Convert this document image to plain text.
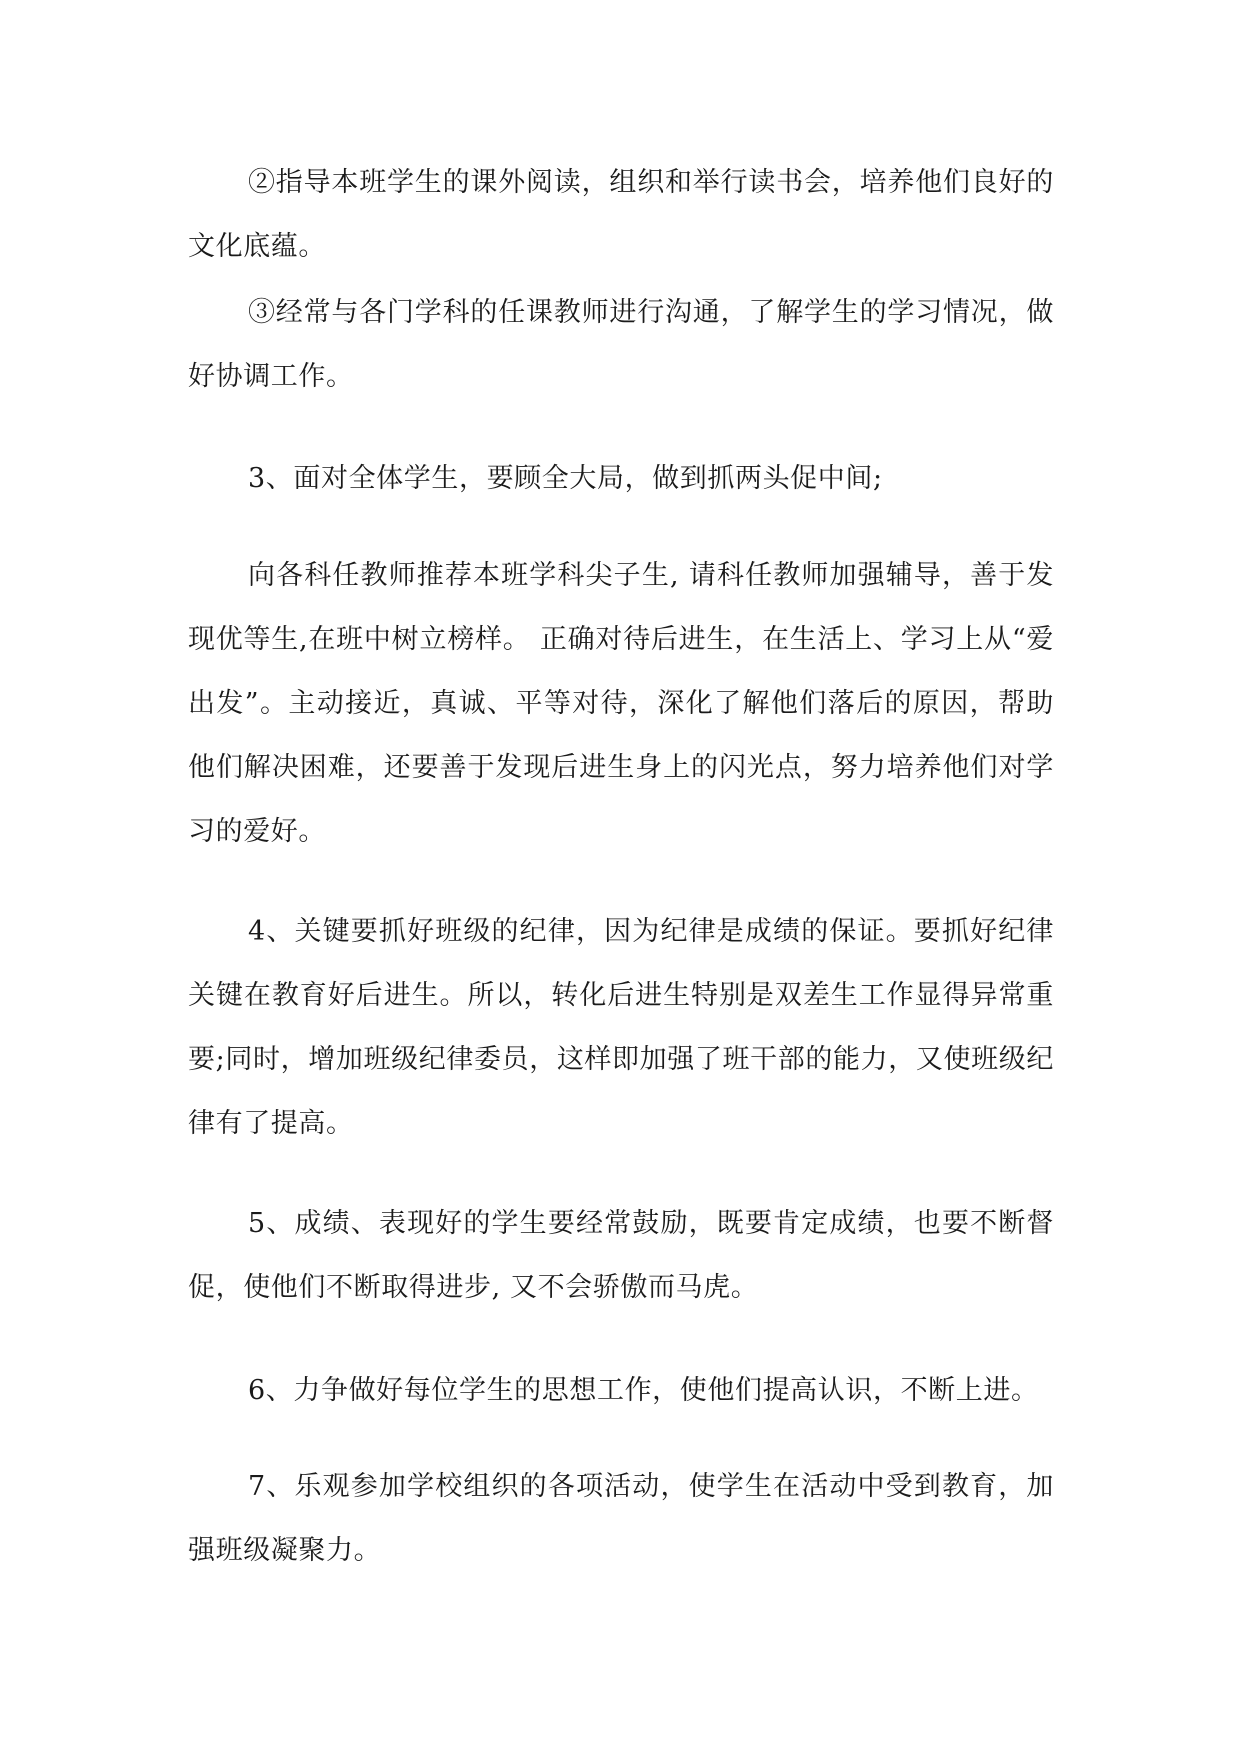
②指导本班学生的课外阅读，组织和举行读书会，培养他们良好的文化底蕴。

③经常与各门学科的任课教师进行沟通，了解学生的学习情况，做好协调工作。

3、面对全体学生，要顾全大局，做到抓两头促中间;

向各科任教师推荐本班学科尖子生, 请科任教师加强辅导，善于发现优等生,在班中树立榜样。 正确对待后进生，在生活上、学习上从“爱出发”。主动接近，真诚、平等对待，深化了解他们落后的原因，帮助他们解决困难，还要善于发现后进生身上的闪光点，努力培养他们对学习的爱好。

4、关键要抓好班级的纪律，因为纪律是成绩的保证。要抓好纪律关键在教育好后进生。所以，转化后进生特别是双差生工作显得异常重要;同时，增加班级纪律委员，这样即加强了班干部的能力，又使班级纪律有了提高。

5、成绩、表现好的学生要经常鼓励，既要肯定成绩，也要不断督促，使他们不断取得进步, 又不会骄傲而马虎。

6、力争做好每位学生的思想工作，使他们提高认识，不断上进。

7、乐观参加学校组织的各项活动，使学生在活动中受到教育，加强班级凝聚力。
